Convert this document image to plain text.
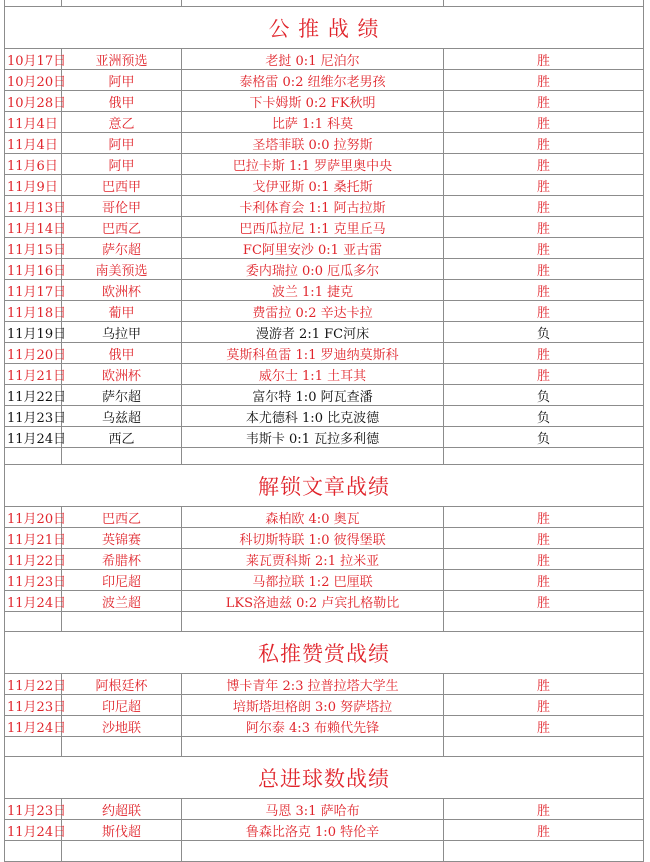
公 推 战 绩
10月17日	亚洲预选	老挝 0:1 尼泊尔	胜
10月20日	阿甲	泰格雷 0:2 纽维尔老男孩	胜
10月28日	俄甲	下卡姆斯 0:2 FK秋明	胜
11月4日	意乙	比萨 1:1 科莫	胜
11月4日	阿甲	圣塔菲联 0:0 拉努斯	胜
11月6日	阿甲	巴拉卡斯 1:1 罗萨里奥中央	胜
11月9日	巴西甲	戈伊亚斯 0:1 桑托斯	胜
11月13日	哥伦甲	卡利体育会 1:1 阿古拉斯	胜
11月14日	巴西乙	巴西瓜拉尼 1:1 克里丘马	胜
11月15日	萨尔超	FC阿里安沙 0:1 亚古雷	胜
11月16日	南美预选	委内瑞拉 0:0 厄瓜多尔	胜
11月17日	欧洲杯	波兰 1:1 捷克	胜
11月18日	葡甲	费雷拉 0:2 辛达卡拉	胜
11月19日	乌拉甲	漫游者 2:1 FC河床	负
11月20日	俄甲	莫斯科鱼雷 1:1 罗迪纳莫斯科	胜
11月21日	欧洲杯	威尔士 1:1 土耳其	胜
11月22日	萨尔超	富尔特 1:0 阿瓦查潘	负
11月23日	乌兹超	本尤德科 1:0 比克波德	负
11月24日	西乙	韦斯卡 0:1 瓦拉多利德	负
解锁文章战绩
11月20日	巴西乙	森柏欧 4:0 奥瓦	胜
11月21日	英锦赛	科切斯特联 1:0 彼得堡联	胜
11月22日	希腊杯	莱瓦贾科斯 2:1 拉米亚	胜
11月23日	印尼超	马都拉联 1:2 巴厘联	胜
11月24日	波兰超	LKS洛迪兹 0:2 卢宾扎格勒比	胜
私推赞赏战绩
11月22日	阿根廷杯	博卡青年 2:3 拉普拉塔大学生	胜
11月23日	印尼超	培斯塔坦格朗 3:0 努萨塔拉	胜
11月24日	沙地联	阿尔泰 4:3 布赖代先锋	胜
总进球数战绩
11月23日	约超联	马恩 3:1 萨哈布	胜
11月24日	斯伐超	鲁森比洛克 1:0 特伦辛	胜
